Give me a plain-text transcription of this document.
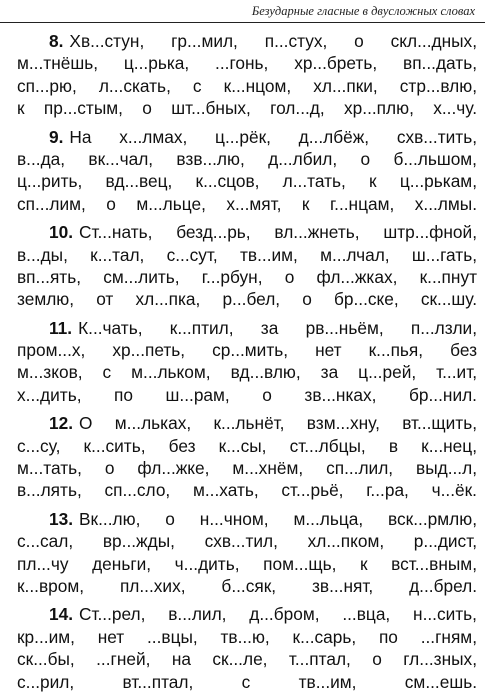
Безударные гласные в двусложных словах
8. Хв...стун, гр...мил, п...стух, о скл...дных,
м...тнёшь, ц...рька, ...гонь, хр...бреть, вп...дать,
сп...рю, л...скать, с к...нцом, хл...пки, стр...влю,
к пр...стым, о шт...бных, гол...д, хр...плю, х...чу.
9. На х...лмах, ц...рёк, д...лбёж, схв...тить,
в...да, вк...чал, взв...лю, д...лбил, о б...льшом,
ц...рить, вд...вец, к...сцов, л...тать, к ц...рькам,
сп...лим, о м...льце, х...мят, к г...нцам, х...лмы.
10. Ст...нать, безд...рь, вл...жнеть, штр...фной,
в...ды, к...тал, с...сут, тв...им, м...лчал, ш...гать,
вп...ять, см...лить, г...рбун, о фл...жках, к...пнут
землю, от хл...пка, р...бел, о бр...ске, ск...шу.
11. К...чать, к...птил, за рв...ньём, п...лзли,
пром...х, хр...петь, ср...мить, нет к...пья, без
м...зков, с м...льком, вд...влю, за ц...рей, т...ит,
х...дить, по ш...рам, о зв...нках, бр...нил.
12. О м...льках, к...льнёт, взм...хну, вт...щить,
с...су, к...сить, без к...сы, ст...лбцы, в к...нец,
м...тать, о фл...жке, м...хнём, сп...лил, выд...л,
в...лять, сп...сло, м...хать, ст...рьё, г...ра, ч...ёк.
13. Вк...лю, о н...чном, м...льца, вск...рмлю,
с...сал, вр...жды, схв...тил, хл...пком, р...дист,
пл...чу деньги, ч...дить, пом...щь, к вст...вным,
к...вром, пл...хих, б...сяк, зв...нят, д...брел.
14. Ст...рел, в...лил, д...бром, ...вца, н...сить,
кр...им, нет ...вцы, тв...ю, к...сарь, по ...гням,
ск...бы, ...гней, на ск...ле, т...птал, о гл...зных,
с...рил, вт...птал, с тв...им, см...ешь.
